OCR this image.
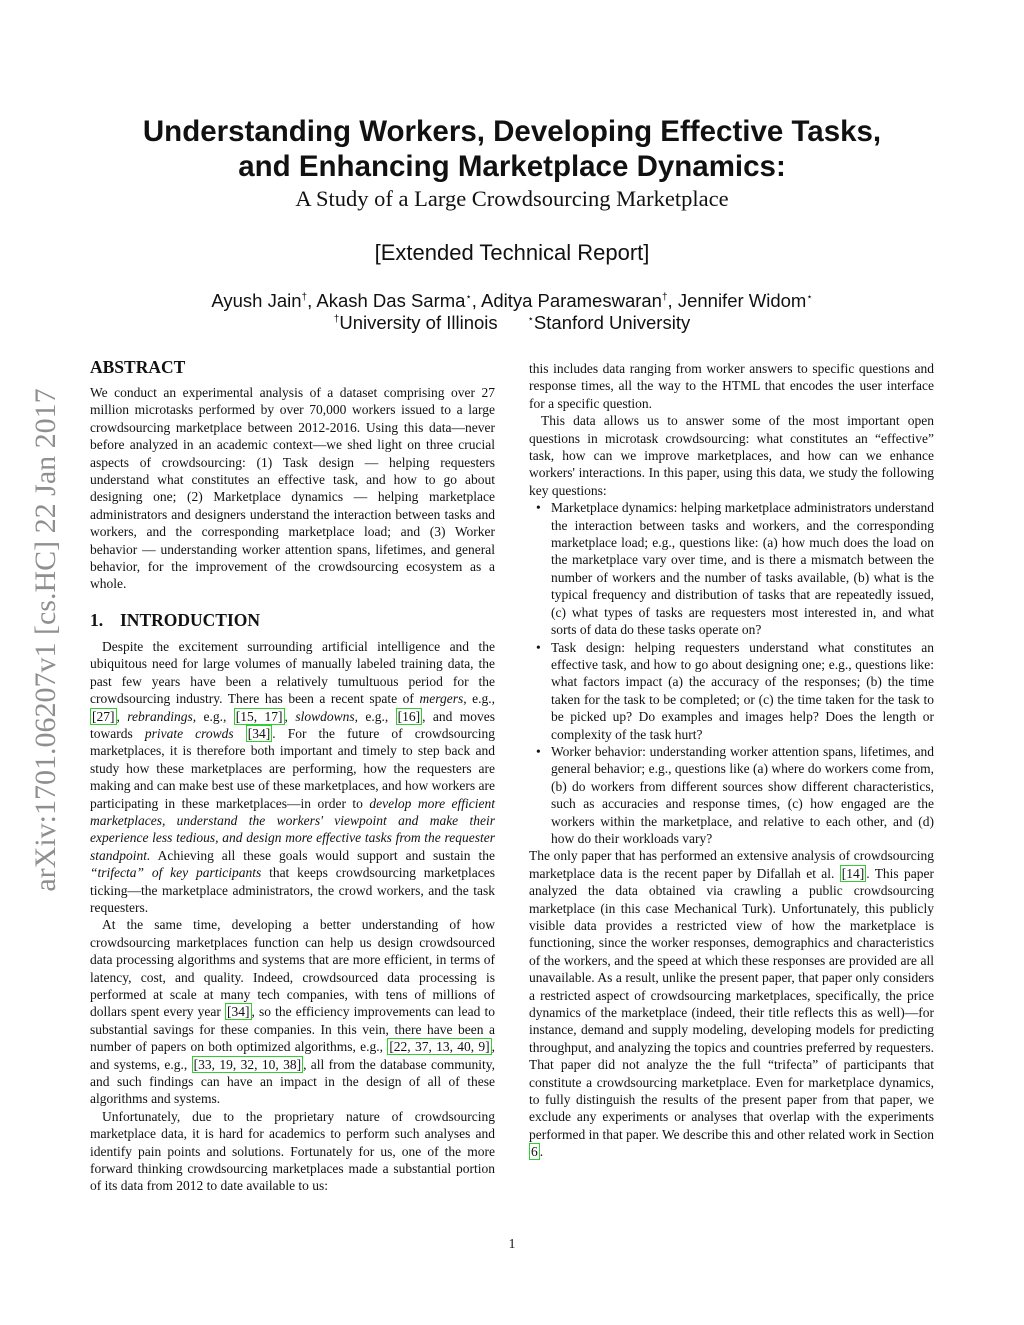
Understanding Workers, Developing Effective Tasks,
and Enhancing Marketplace Dynamics:
A Study of a Large Crowdsourcing Marketplace
[Extended Technical Report]
Ayush Jain†, Akash Das Sarma⋆, Aditya Parameswaran†, Jennifer Widom⋆
†University of Illinois	⋆Stanford University
arXiv:1701.06207v1 [cs.HC] 22 Jan 2017
ABSTRACT

We conduct an experimental analysis of a dataset comprising over 27 million microtasks performed by over 70,000 workers issued to a large crowdsourcing marketplace between 2012-2016. Using this data—never before analyzed in an academic context—we shed light on three crucial aspects of crowdsourcing: (1) Task design — helping requesters understand what constitutes an effective task, and how to go about designing one; (2) Marketplace dynamics — helping marketplace administrators and designers understand the interaction between tasks and workers, and the corresponding marketplace load; and (3) Worker behavior — understanding worker attention spans, lifetimes, and general behavior, for the improvement of the crowdsourcing ecosystem as a whole.

1. INTRODUCTION

Despite the excitement surrounding artificial intelligence and the ubiquitous need for large volumes of manually labeled training data, the past few years have been a relatively tumultuous period for the crowdsourcing industry. There has been a recent spate of mergers, e.g., [27] , rebrandings, e.g., [15, 17] , slowdowns, e.g., [16] , and moves towards private crowds [34] . For the future of crowdsourcing marketplaces, it is therefore both important and timely to step back and study how these marketplaces are performing, how the requesters are making and can make best use of these marketplaces, and how workers are participating in these marketplaces—in order to develop more efficient marketplaces, understand the workers' viewpoint and make their experience less tedious, and design more effective tasks from the requester standpoint. Achieving all these goals would support and sustain the “trifecta” of key participants that keeps crowdsourcing marketplaces ticking—the marketplace administrators, the crowd workers, and the task requesters.

At the same time, developing a better understanding of how crowdsourcing marketplaces function can help us design crowdsourced data processing algorithms and systems that are more efficient, in terms of latency, cost, and quality. Indeed, crowdsourced data processing is performed at scale at many tech companies, with tens of millions of dollars spent every year [34] , so the efficiency improvements can lead to substantial savings for these companies. In this vein, there have been a number of papers on both optimized algorithms, e.g., [22, 37, 13, 40, 9] , and systems, e.g., [33, 19, 32, 10, 38] , all from the database community, and such findings can have an impact in the design of all of these algorithms and systems.

Unfortunately, due to the proprietary nature of crowdsourcing marketplace data, it is hard for academics to perform such analyses and identify pain points and solutions. Fortunately for us, one of the more forward thinking crowdsourcing marketplaces made a substantial portion of its data from 2012 to date available to us:

this includes data ranging from worker answers to specific questions and response times, all the way to the HTML that encodes the user interface for a specific question.

This data allows us to answer some of the most important open questions in microtask crowdsourcing: what constitutes an “effective” task, how can we improve marketplaces, and how can we enhance workers' interactions. In this paper, using this data, we study the following key questions:

• Marketplace dynamics: helping marketplace administrators understand the interaction between tasks and workers, and the corresponding marketplace load; e.g., questions like: (a) how much does the load on the marketplace vary over time, and is there a mismatch between the number of workers and the number of tasks available, (b) what is the typical frequency and distribution of tasks that are repeatedly issued, (c) what types of tasks are requesters most interested in, and what sorts of data do these tasks operate on?
• Task design: helping requesters understand what constitutes an effective task, and how to go about designing one; e.g., questions like: what factors impact (a) the accuracy of the responses; (b) the time taken for the task to be completed; or (c) the time taken for the task to be picked up? Do examples and images help? Does the length or complexity of the task hurt?
• Worker behavior: understanding worker attention spans, lifetimes, and general behavior; e.g., questions like (a) where do workers come from, (b) do workers from different sources show different characteristics, such as accuracies and response times, (c) how engaged are the workers within the marketplace, and relative to each other, and (d) how do their workloads vary?

The only paper that has performed an extensive analysis of crowdsourcing marketplace data is the recent paper by Difallah et al. [14] . This paper analyzed the data obtained via crawling a public crowdsourcing marketplace (in this case Mechanical Turk). Unfortunately, this publicly visible data provides a restricted view of how the marketplace is functioning, since the worker responses, demographics and characteristics of the workers, and the speed at which these responses are provided are all unavailable. As a result, unlike the present paper, that paper only considers a restricted aspect of crowdsourcing marketplaces, specifically, the price dynamics of the marketplace (indeed, their title reflects this as well)—for instance, demand and supply modeling, developing models for predicting throughput, and analyzing the topics and countries preferred by requesters. That paper did not analyze the the full “trifecta” of participants that constitute a crowdsourcing marketplace. Even for marketplace dynamics, to fully distinguish the results of the present paper from that paper, we exclude any experiments or analyses that overlap with the experiments performed in that paper. We describe this and other related work in Section 6 .

1
